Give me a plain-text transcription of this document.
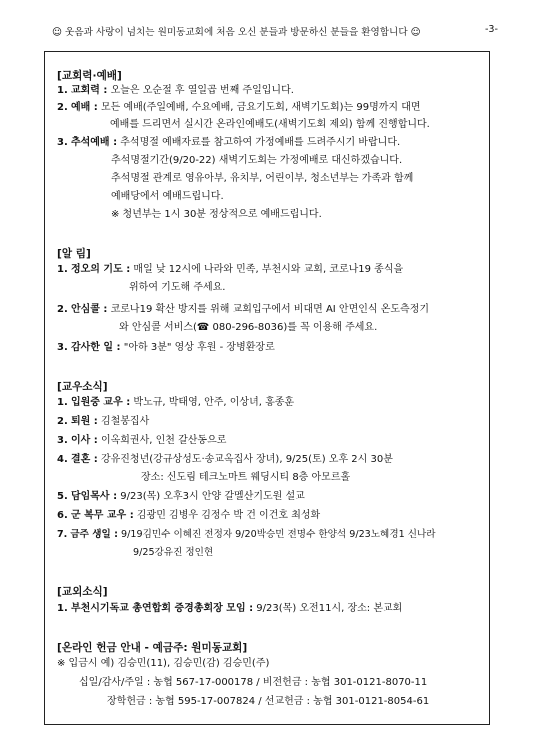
☺ 웃음과 사랑이 넘치는 원미동교회에 처음 오신 분들과 방문하신 분들을 환영합니다 ☺	-3-
[교회력·예배]
1. 교회력 : 오늘은 오순절 후 열일곱 번째 주일입니다.
2. 예배 : 모든 예배(주일예배, 수요예배, 금요기도회, 새벽기도회)는 99명까지 대면
예배를 드리면서 실시간 온라인예배도(새벽기도회 제외) 함께 진행합니다.
3. 추석예배 : 추석명절 예배자료를 참고하여 가정예배를 드려주시기 바랍니다.
추석명절기간(9/20-22) 새벽기도회는 가정예배로 대신하겠습니다.
추석명절 관계로 영유아부, 유치부, 어린이부, 청소년부는 가족과 함께
예배당에서 예배드립니다.
※ 청년부는 1시 30분 정상적으로 예배드립니다.
[알 림]
1. 정오의 기도 : 매일 낮 12시에 나라와 민족, 부천시와 교회, 코로나19 종식을
위하여 기도해 주세요.
2. 안심콜 : 코로나19 확산 방지를 위해 교회입구에서 비대면 AI 안면인식 온도측정기
와 안심콜 서비스(☎ 080-296-8036)를 꼭 이용해 주세요.
3. 감사한 일 : "아하 3분" 영상 후원 - 장병환장로
[교우소식]
1. 입원중 교우 : 박노규, 박태영, 안주, 이상녀, 홍종훈
2. 퇴원 : 김철봉집사
3. 이사 : 이옥희권사, 인천 갈산동으로
4. 결혼 : 강유진청년(강규상성도·송교옥집사 장녀), 9/25(토) 오후 2시 30분
장소: 신도림 테크노마트 웨딩시티 8층 아모르홀
5. 담임목사 : 9/23(목) 오후3시 안양 갈멜산기도원 설교
6. 군 복무 교우 : 김광민 김병우 김정수 박 건 이건호 최성화
7. 금주 생일 : 9/19김민수 이혜진 전정자 9/20박승민 전명수 한양석 9/23노혜경1 신나라
9/25강유진 정인현
[교외소식]
1. 부천시기독교 총연합회 증경총회장 모임 : 9/23(목) 오전11시, 장소: 본교회
[온라인 헌금 안내 - 예금주: 원미동교회]
※ 입금시 예) 김승민(11), 김승민(감) 김승민(주)
십일/감사/주일 : 농협 567-17-000178 / 비전헌금 : 농협 301-0121-8070-11
장학헌금 : 농협 595-17-007824 / 선교헌금 : 농협 301-0121-8054-61
